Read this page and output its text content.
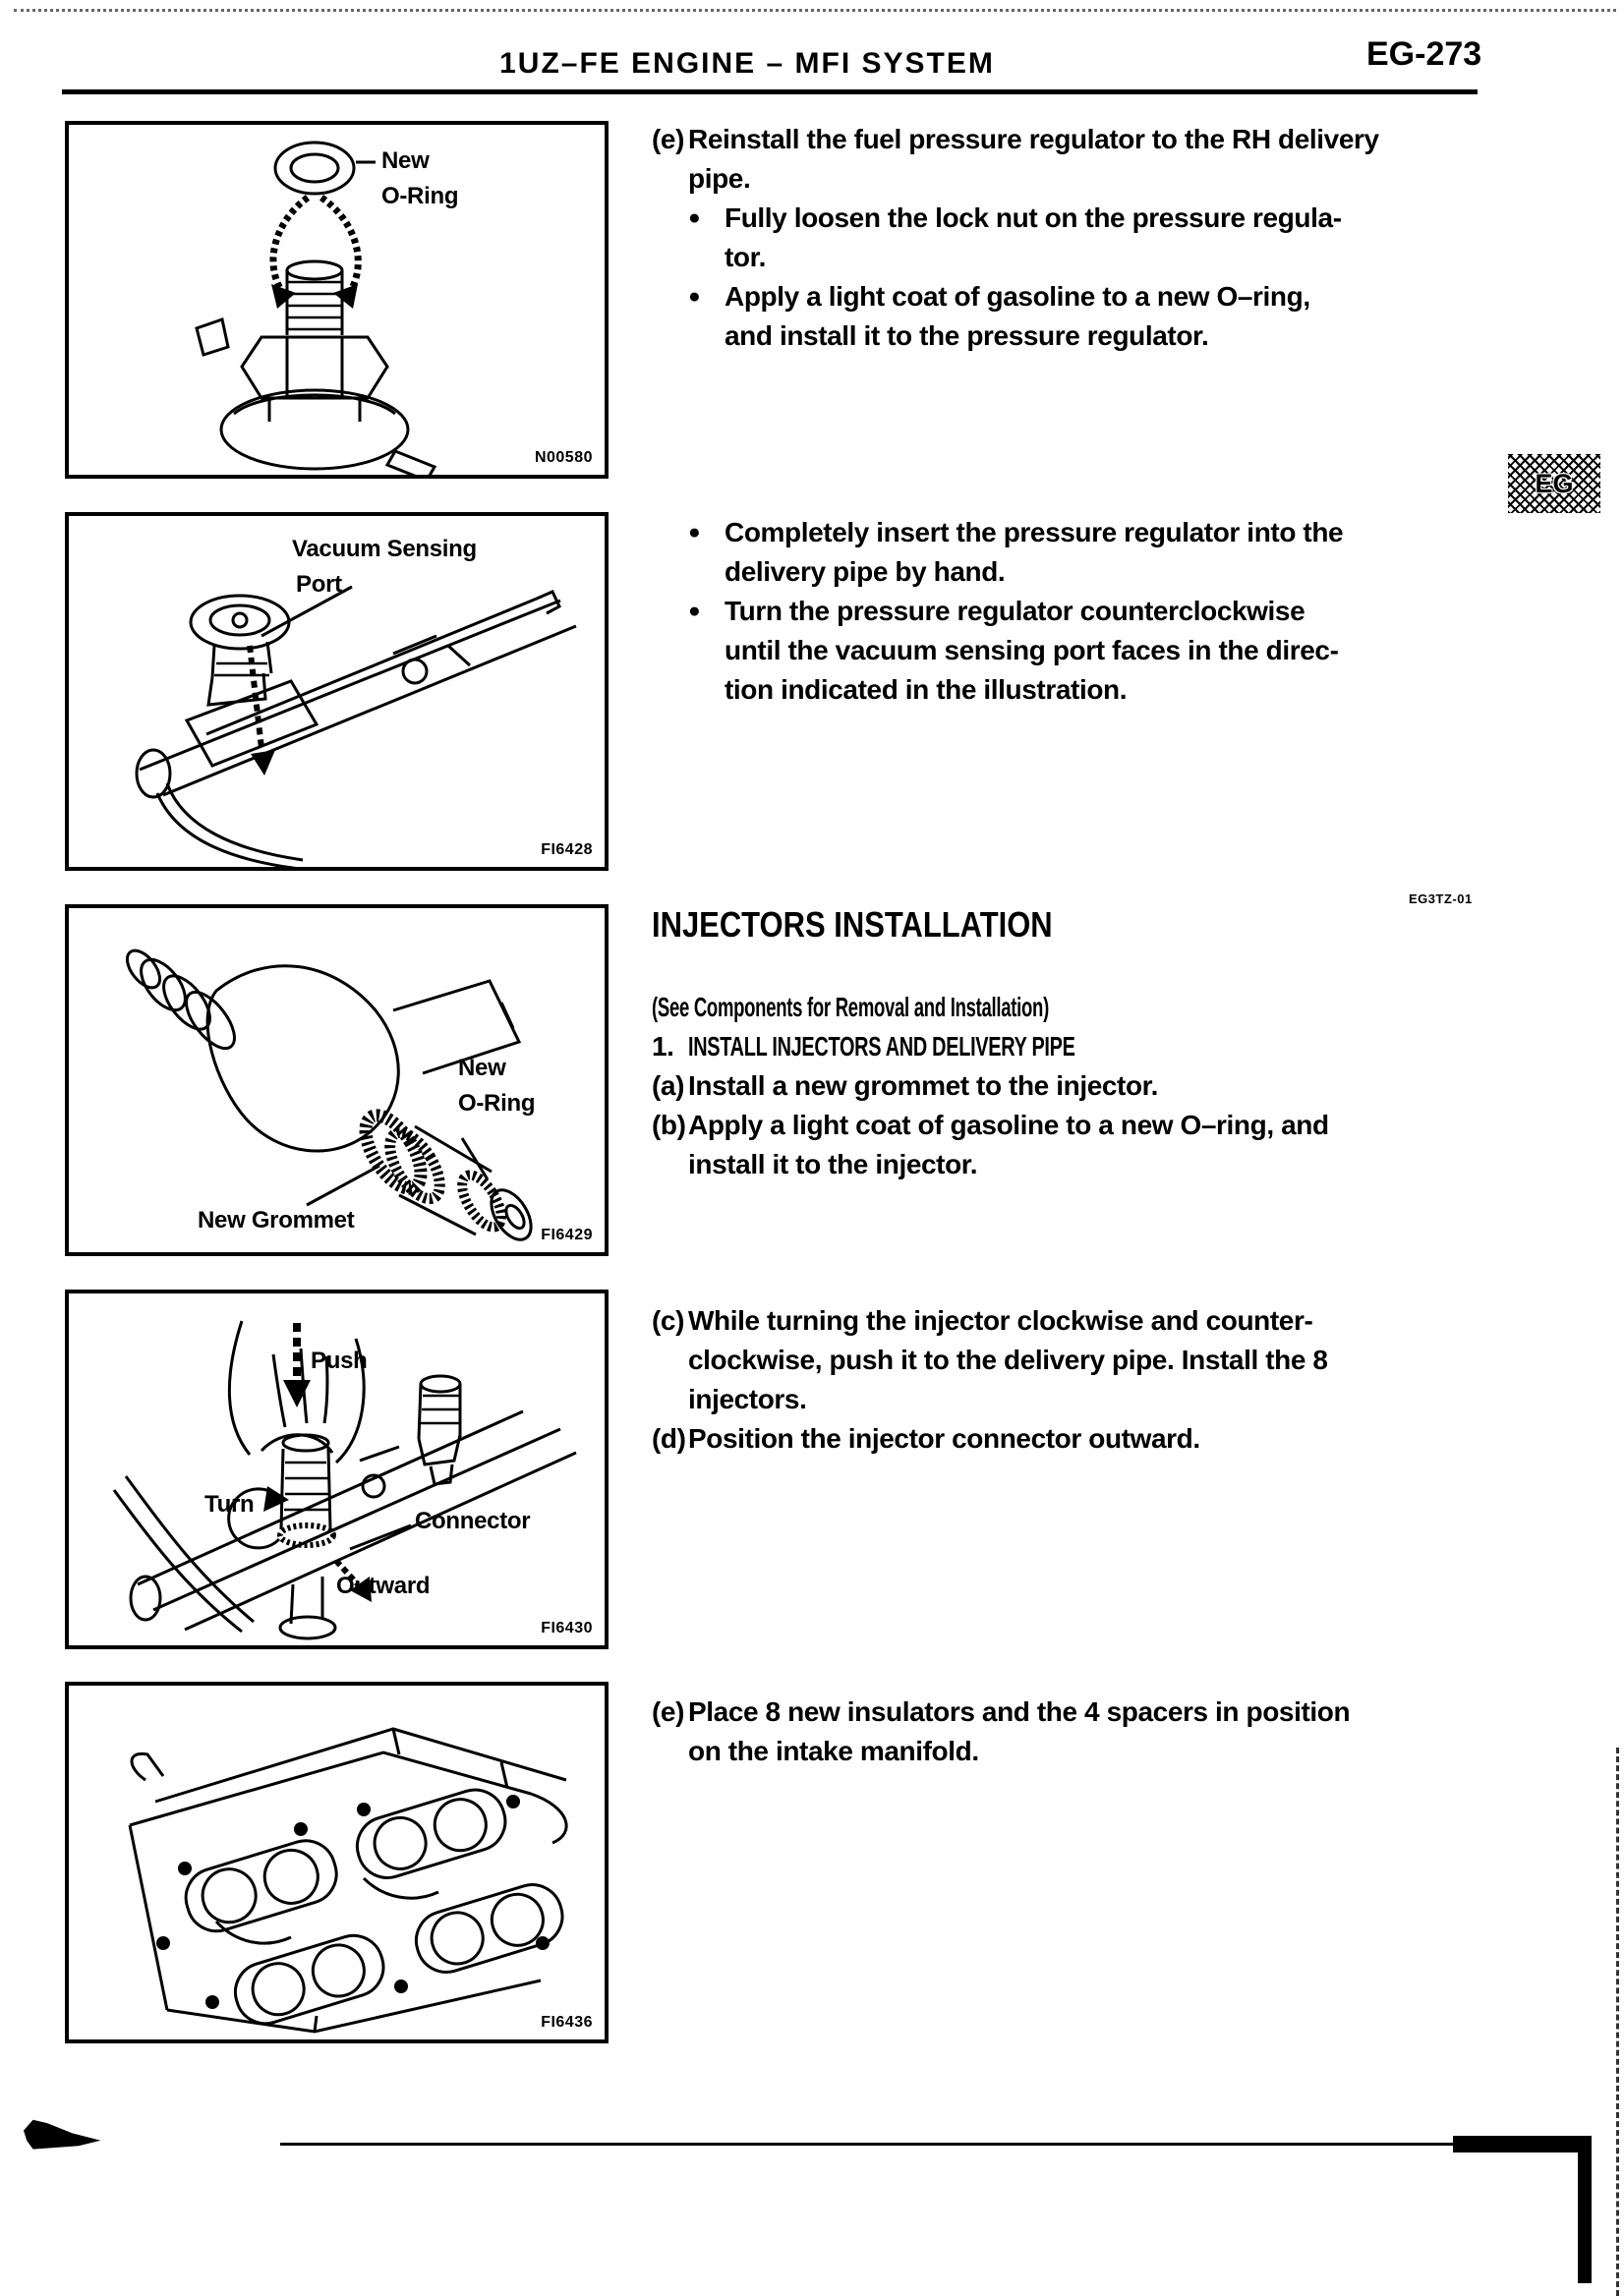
1UZ–FE ENGINE – MFI SYSTEM	EG-273
EG
New
O-Ring
N00580
Vacuum Sensing
Port
FI6428
New
O-Ring
New Grommet
FI6429
Push
Turn
Connector
Outward
FI6430
FI6436
(e) Reinstall the fuel pressure regulator to the RH delivery
pipe.
● Fully loosen the lock nut on the pressure regula-
tor.
● Apply a light coat of gasoline to a new O–ring,
and install it to the pressure regulator.
● Completely insert the pressure regulator into the
delivery pipe by hand.
● Turn the pressure regulator counterclockwise
until the vacuum sensing port faces in the direc-
tion indicated in the illustration.
INJECTORS INSTALLATION
EG3TZ-01
(See Components for Removal and Installation)
1. INSTALL INJECTORS AND DELIVERY PIPE
(a) Install a new grommet to the injector.
(b) Apply a light coat of gasoline to a new O–ring, and
install it to the injector.
(c) While turning the injector clockwise and counter-
clockwise, push it to the delivery pipe. Install the 8
injectors.
(d) Position the injector connector outward.
(e) Place 8 new insulators and the 4 spacers in position
on the intake manifold.
